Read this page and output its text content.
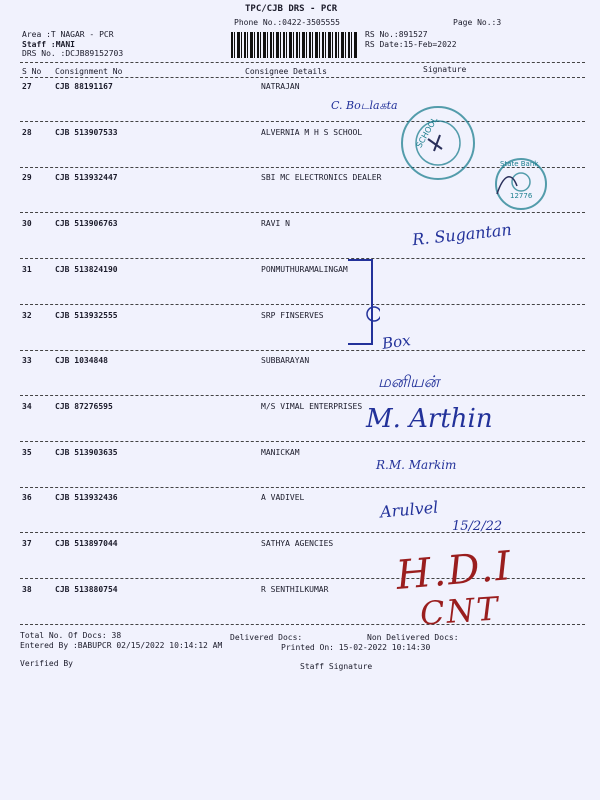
TPC/CJB DRS - PCR
Phone No.:0422-3505555	Page No.:3
Area :T NAGAR - PCR
Staff :MANI
DRS No. :DCJB89152703
RS No.:891527
RS Date:15-Feb=2022
S No Consignment No	Consignee Details	Signature
27	CJB 88191167	NATRAJAN
28	CJB 513907533	ALVERNIA M H S SCHOOL
29	CJB 513932447	SBI MC ELECTRONICS DEALER
30	CJB 513906763	RAVI N
31	CJB 513824190	PONMUTHURAMALINGAM
32	CJB 513932555	SRP FINSERVES
33	CJB 1034848	SUBBARAYAN
34	CJB 87276595	M/S VIMAL ENTERPRISES
35	CJB 513903635	MANICKAM
36	CJB 513932436	A VADIVEL
37	CJB 513897044	SATHYA AGENCIES
38	CJB 513880754	R SENTHILKUMAR
Total No. Of Docs: 38	Delivered Docs:	Non Delivered Docs:
Entered By :BABUPCR 02/15/2022 10:14:12 AM	Printed On: 15-02-2022 10:14:30
Verified By	Staff Signature
SCHOOL
State Bank
12776
C. Boடlaகta
R. Sugantan
Box
மனியன்
M. Arthin
R.M. Markim
Arulvel
15/2/22
H.D.I
CNT
